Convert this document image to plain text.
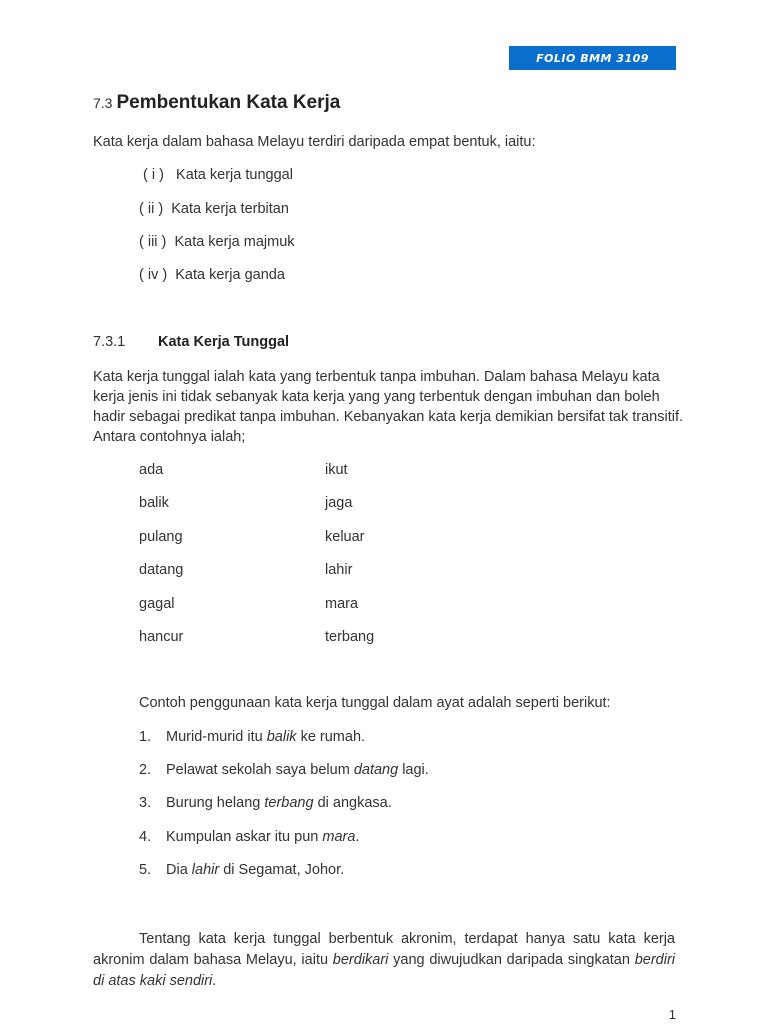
FOLIO BMM 3109
7.3 Pembentukan Kata Kerja
Kata kerja dalam bahasa Melayu terdiri daripada empat bentuk, iaitu:
( i ) Kata kerja tunggal
( ii ) Kata kerja terbitan
( iii ) Kata kerja majmuk
( iv ) Kata kerja ganda
7.3.1 Kata Kerja Tunggal
Kata kerja tunggal ialah kata yang terbentuk tanpa imbuhan. Dalam bahasa Melayu kata kerja jenis ini tidak sebanyak kata kerja yang yang terbentuk dengan imbuhan dan boleh hadir sebagai predikat tanpa imbuhan. Kebanyakan kata kerja demikian bersifat tak transitif. Antara contohnya ialah;
ada
balik
pulang
datang
gagal
hancur
ikut
jaga
keluar
lahir
mara
terbang
Contoh penggunaan kata kerja tunggal dalam ayat adalah seperti berikut:
1. Murid-murid itu balik ke rumah.
2. Pelawat sekolah saya belum datang lagi.
3. Burung helang terbang di angkasa.
4. Kumpulan askar itu pun mara.
5. Dia lahir di Segamat, Johor.
Tentang kata kerja tunggal berbentuk akronim, terdapat hanya satu kata kerja akronim dalam bahasa Melayu, iaitu berdikari yang diwujudkan daripada singkatan berdiri di atas kaki sendiri.
1
